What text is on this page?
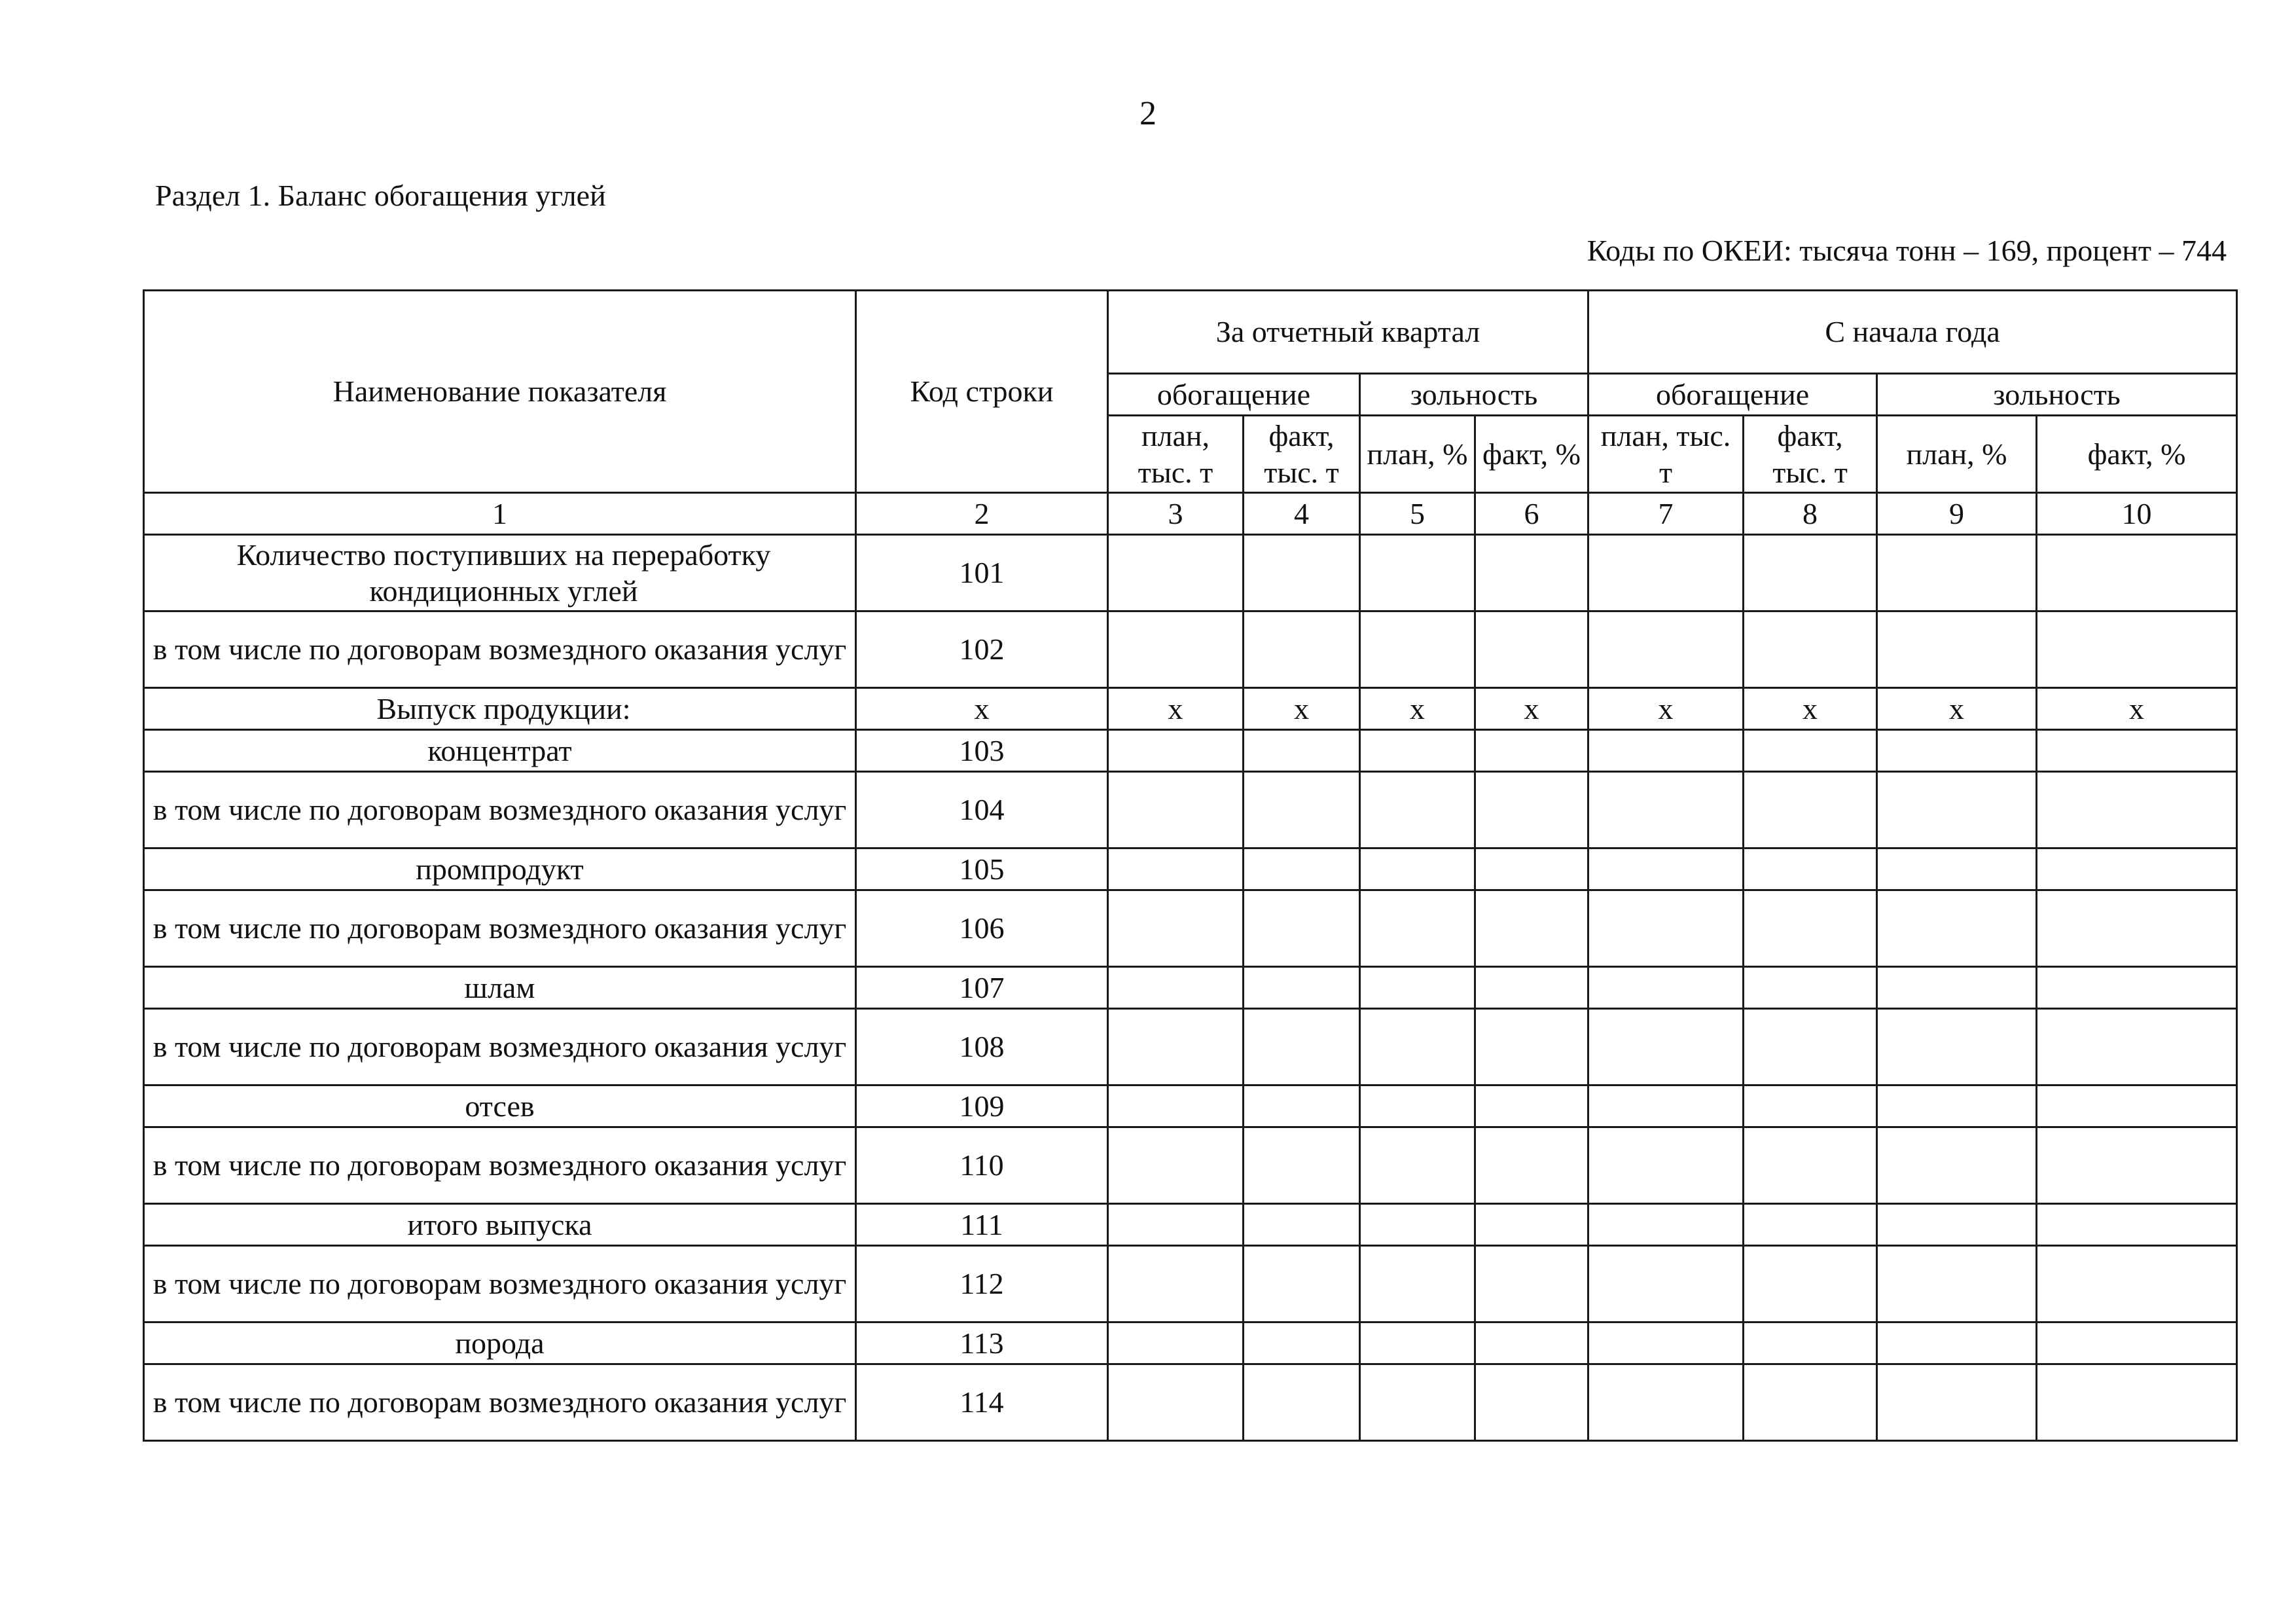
2
Раздел 1. Баланс обогащения углей
Коды по ОКЕИ: тысяча тонн – 169, процент – 744
Наименование показателя	Код строки	За отчетный квартал				С начала года			
		обогащение		зольность		обогащение		зольность	
		план, тыс. т	факт, тыс. т	план, %	факт, %	план, тыс. т	факт, тыс. т	план, %	факт, %
1	2	3	4	5	6	7	8	9	10
Количество поступивших на переработку кондиционных углей	101								
в том числе по договорам возмездного оказания услуг	102								
Выпуск продукции:	x	x	x	x	x	x	x	x	x
концентрат	103								
в том числе по договорам возмездного оказания услуг	104								
промпродукт	105								
в том числе по договорам возмездного оказания услуг	106								
шлам	107								
в том числе по договорам возмездного оказания услуг	108								
отсев	109								
в том числе по договорам возмездного оказания услуг	110								
итого выпуска	111								
в том числе по договорам возмездного оказания услуг	112								
порода	113								
в том числе по договорам возмездного оказания услуг	114								
